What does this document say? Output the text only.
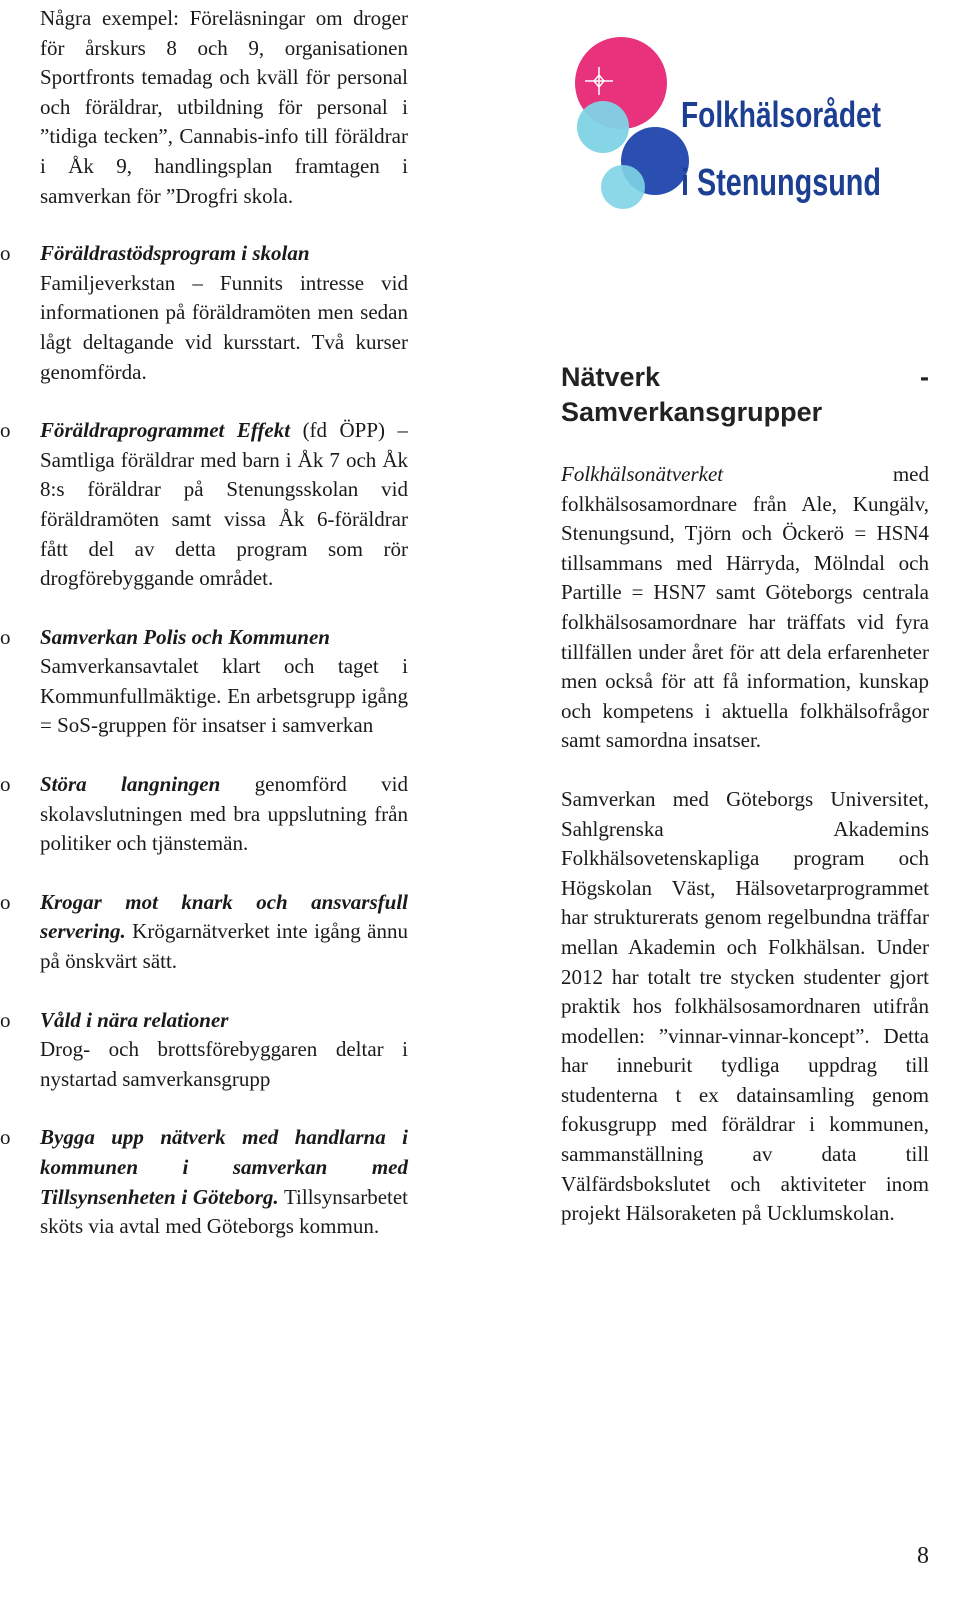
Några exempel: Föreläsningar om droger för årskurs 8 och 9, organisationen Sportfronts temadag och kväll för personal och föräldrar, utbildning för personal i ”tidiga tecken”, Cannabis-info till föräldrar i Åk 9, handlingsplan framtagen i samverkan för ”Drogfri skola.

o Föräldrastödsprogram i skolan
Familjeverkstan – Funnits intresse vid informationen på föräldramöten men sedan lågt deltagande vid kursstart. Två kurser genomförda.
o Föräldraprogrammet Effekt (fd ÖPP) – Samtliga föräldrar med barn i Åk 7 och Åk 8:s föräldrar på Stenungsskolan vid föräldramöten samt vissa Åk 6-föräldrar fått del av detta program som rör drogförebyggande området.
o Samverkan Polis och Kommunen
Samverkansavtalet klart och taget i Kommunfullmäktige. En arbetsgrupp igång = SoS-gruppen för insatser i samverkan
o Störa langningen genomförd vid skolavslutningen med bra uppslutning från politiker och tjänstemän.
o Krogar mot knark och ansvarsfull servering. Krögarnätverket inte igång ännu på önskvärt sätt.
o Våld i nära relationer
Drog- och brottsförebyggaren deltar i nystartad samverkansgrupp
o Bygga upp nätverk med handlarna i kommunen i samverkan med Tillsynsenheten i Göteborg. Tillsynsarbetet sköts via avtal med Göteborgs kommun.
Folkhälsorådet
i Stenungsund
Nätverk	-
Samverkansgrupper

Folkhälsonätverket	med folkhälsosamordnare från Ale, Kungälv, Stenungsund, Tjörn och Öckerö = HSN4 tillsammans med Härryda, Mölndal och Partille = HSN7 samt Göteborgs centrala folkhälsosamordnare har träffats vid fyra tillfällen under året för att dela erfarenheter men också för att få information, kunskap och kompetens i aktuella folkhälsofrågor samt samordna insatser.

Samverkan med Göteborgs Universitet, Sahlgrenska Akademins Folkhälsovetenskapliga program och Högskolan Väst, Hälsovetarprogrammet har strukturerats genom regelbundna träffar mellan Akademin och Folkhälsan. Under 2012 har totalt tre stycken studenter gjort praktik hos folkhälsosamordnaren utifrån modellen: ”vinnar-vinnar-koncept”. Detta har inneburit tydliga uppdrag till studenterna t ex datainsamling genom fokusgrupp med föräldrar i kommunen, sammanställning av data till Välfärdsbokslutet och aktiviteter inom projekt Hälsoraketen på Ucklumskolan.

8
